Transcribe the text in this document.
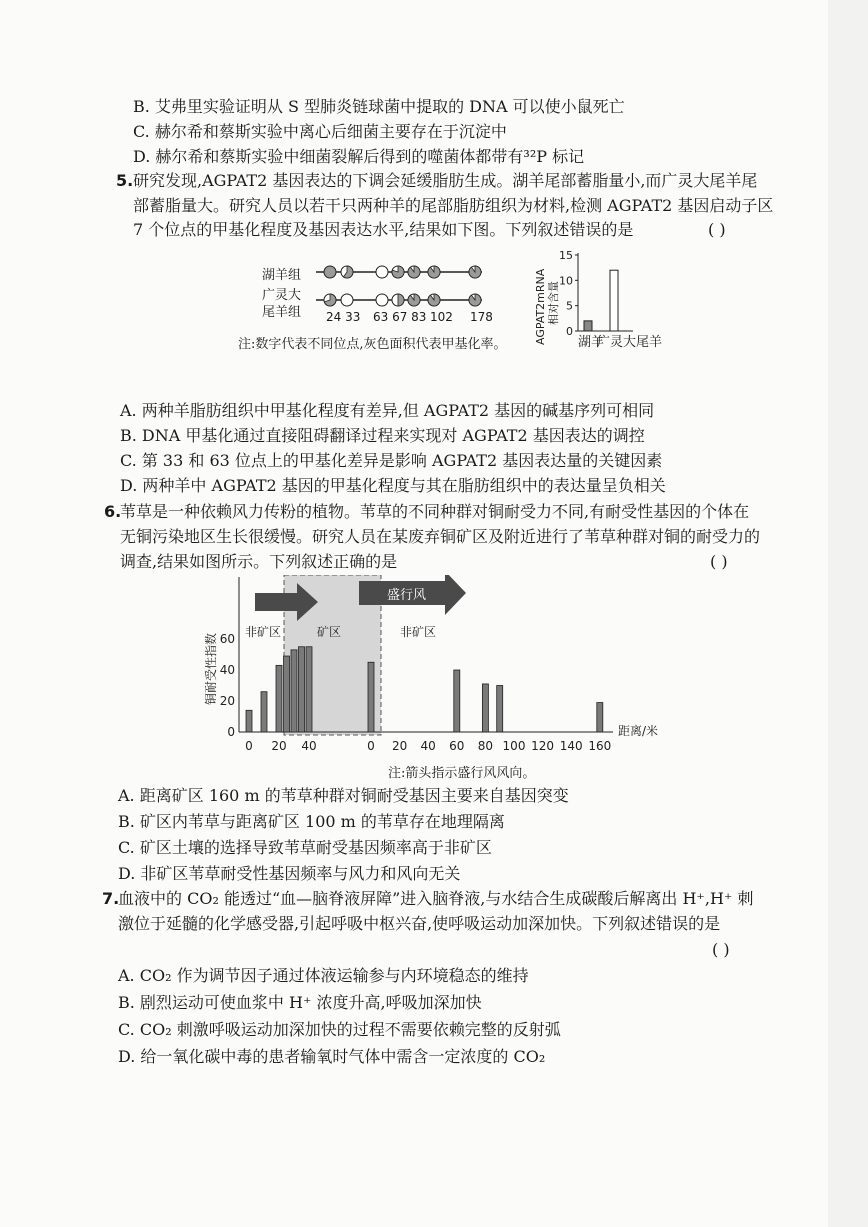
B. 艾弗里实验证明从 S 型肺炎链球菌中提取的 DNA 可以使小鼠死亡
C. 赫尔希和蔡斯实验中离心后细菌主要存在于沉淀中
D. 赫尔希和蔡斯实验中细菌裂解后得到的噬菌体都带有³²P 标记
5. 研究发现,AGPAT2 基因表达的下调会延缓脂肪生成。湖羊尾部蓄脂量小,而广灵大尾羊尾
部蓄脂量大。研究人员以若干只两种羊的尾部脂肪组织为材料,检测 AGPAT2 基因启动子区
7 个位点的甲基化程度及基因表达水平,结果如下图。下列叙述错误的是	( )
湖羊组
广灵大
尾羊组 24 33 63 67 83 102 178
注:数字代表不同位点,灰色面积代表甲基化率。 AGPAT2mRNA 相对含量
0
5
10
15
湖羊
广灵大尾羊
A. 两种羊脂肪组织中甲基化程度有差异,但 AGPAT2 基因的碱基序列可相同
B. DNA 甲基化通过直接阻碍翻译过程来实现对 AGPAT2 基因表达的调控
C. 第 33 和 63 位点上的甲基化差异是影响 AGPAT2 基因表达量的关键因素
D. 两种羊中 AGPAT2 基因的甲基化程度与其在脂肪组织中的表达量呈负相关
6.
苇草是一种依赖风力传粉的植物。苇草的不同种群对铜耐受力不同,有耐受性基因的个体在
无铜污染地区生长很缓慢。研究人员在某废弃铜矿区及附近进行了苇草种群对铜的耐受力的
调查,结果如图所示。下列叙述正确的是	( )
盛行风
非矿区	矿区	非矿区
铜耐受性指数
0
20
40
60
0 20 40	0 20 40 60 80 100 120 140 160
距离/米
注:箭头指示盛行风风向。
A. 距离矿区 160 m 的苇草种群对铜耐受基因主要来自基因突变
B. 矿区内苇草与距离矿区 100 m 的苇草存在地理隔离
C. 矿区土壤的选择导致苇草耐受基因频率高于非矿区
D. 非矿区苇草耐受性基因频率与风力和风向无关
7.
血液中的 CO₂ 能透过“血—脑脊液屏障”进入脑脊液,与水结合生成碳酸后解离出 H⁺,H⁺ 刺
激位于延髓的化学感受器,引起呼吸中枢兴奋,使呼吸运动加深加快。下列叙述错误的是
( )
A. CO₂ 作为调节因子通过体液运输参与内环境稳态的维持
B. 剧烈运动可使血浆中 H⁺ 浓度升高,呼吸加深加快
C. CO₂ 刺激呼吸运动加深加快的过程不需要依赖完整的反射弧
D. 给一氧化碳中毒的患者输氧时气体中需含一定浓度的 CO₂
